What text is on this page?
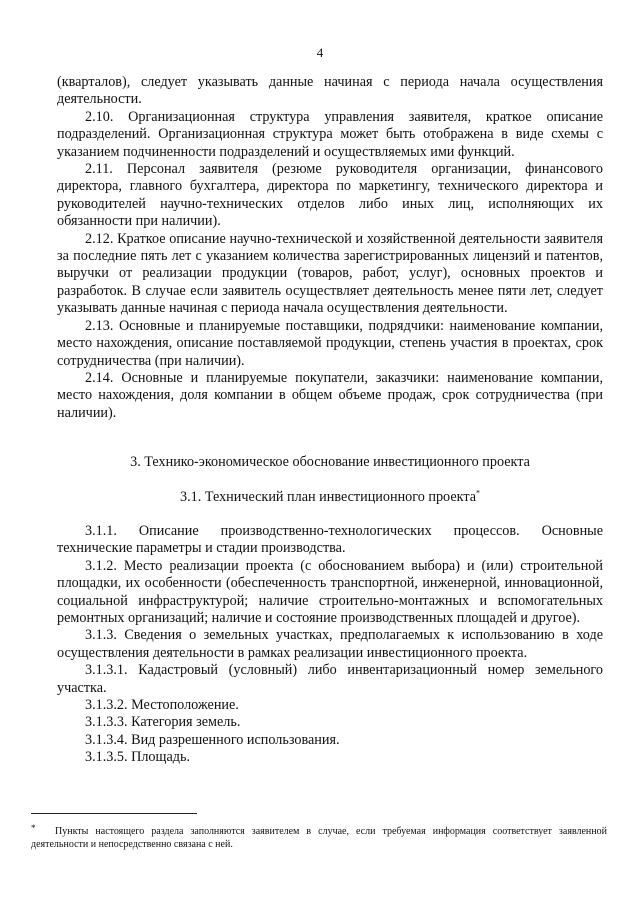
4

(кварталов), следует указывать данные начиная с периода начала осуществления деятельности.

2.10. Организационная структура управления заявителя, краткое описание подразделений. Организационная структура может быть отображена в виде схемы с указанием подчиненности подразделений и осуществляемых ими функций.

2.11. Персонал заявителя (резюме руководителя организации, финансового директора, главного бухгалтера, директора по маркетингу, технического директора и руководителей научно-технических отделов либо иных лиц, исполняющих их обязанности при наличии).

2.12. Краткое описание научно-технической и хозяйственной деятельности заявителя за последние пять лет с указанием количества зарегистрированных лицензий и патентов, выручки от реализации продукции (товаров, работ, услуг), основных проектов и разработок. В случае если заявитель осуществляет деятельность менее пяти лет, следует указывать данные начиная с периода начала осуществления деятельности.

2.13. Основные и планируемые поставщики, подрядчики: наименование компании, место нахождения, описание поставляемой продукции, степень участия в проектах, срок сотрудничества (при наличии).

2.14. Основные и планируемые покупатели, заказчики: наименование компании, место нахождения, доля компании в общем объеме продаж, срок сотрудничества (при наличии).

3. Технико-экономическое обоснование инвестиционного проекта

3.1. Технический план инвестиционного проекта*

3.1.1. Описание производственно-технологических процессов. Основные технические параметры и стадии производства.

3.1.2. Место реализации проекта (с обоснованием выбора) и (или) строительной площадки, их особенности (обеспеченность транспортной, инженерной, инновационной, социальной инфраструктурой; наличие строительно-монтажных и вспомогательных ремонтных организаций; наличие и состояние производственных площадей и другое).

3.1.3. Сведения о земельных участках, предполагаемых к использованию в ходе осуществления деятельности в рамках реализации инвестиционного проекта.

3.1.3.1. Кадастровый (условный) либо инвентаризационный номер земельного участка.

3.1.3.2. Местоположение.

3.1.3.3. Категория земель.

3.1.3.4. Вид разрешенного использования.

3.1.3.5. Площадь.

*	Пункты настоящего раздела заполняются заявителем в случае, если требуемая информация соответствует заявленной деятельности и непосредственно связана с ней.
